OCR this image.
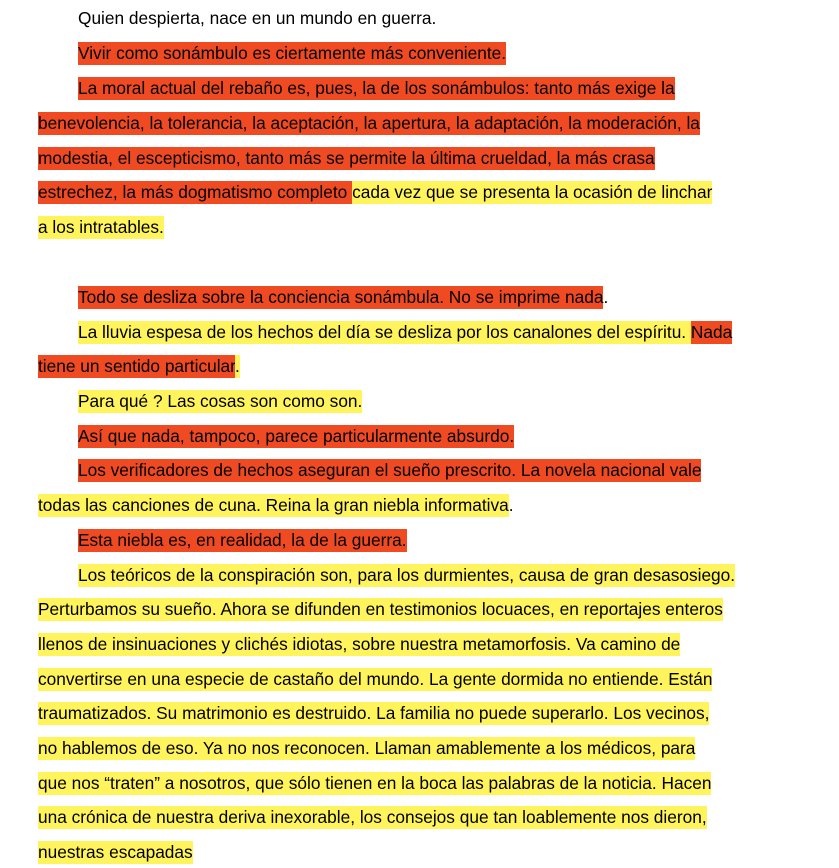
Quien despierta, nace en un mundo en guerra.
Vivir como sonámbulo es ciertamente más conveniente.
La moral actual del rebaño es, pues, la de los sonámbulos: tanto más exige la
benevolencia, la tolerancia, la aceptación, la apertura, la adaptación, la moderación, la
modestia, el escepticismo, tanto más se permite la última crueldad, la más crasa
estrechez, la más dogmatismo completo cada vez que se presenta la ocasión de linchar
a los intratables.
Todo se desliza sobre la conciencia sonámbula. No se imprime nada.
La lluvia espesa de los hechos del día se desliza por los canalones del espíritu. Nada
tiene un sentido particular.
Para qué ? Las cosas son como son.
Así que nada, tampoco, parece particularmente absurdo.
Los verificadores de hechos aseguran el sueño prescrito. La novela nacional vale
todas las canciones de cuna. Reina la gran niebla informativa.
Esta niebla es, en realidad, la de la guerra.
Los teóricos de la conspiración son, para los durmientes, causa de gran desasosiego.
Perturbamos su sueño. Ahora se difunden en testimonios locuaces, en reportajes enteros
llenos de insinuaciones y clichés idiotas, sobre nuestra metamorfosis. Va camino de
convertirse en una especie de castaño del mundo. La gente dormida no entiende. Están
traumatizados. Su matrimonio es destruido. La familia no puede superarlo. Los vecinos,
no hablemos de eso. Ya no nos reconocen. Llaman amablemente a los médicos, para
que nos “traten” a nosotros, que sólo tienen en la boca las palabras de la noticia. Hacen
una crónica de nuestra deriva inexorable, los consejos que tan loablemente nos dieron,
nuestras escapadas
